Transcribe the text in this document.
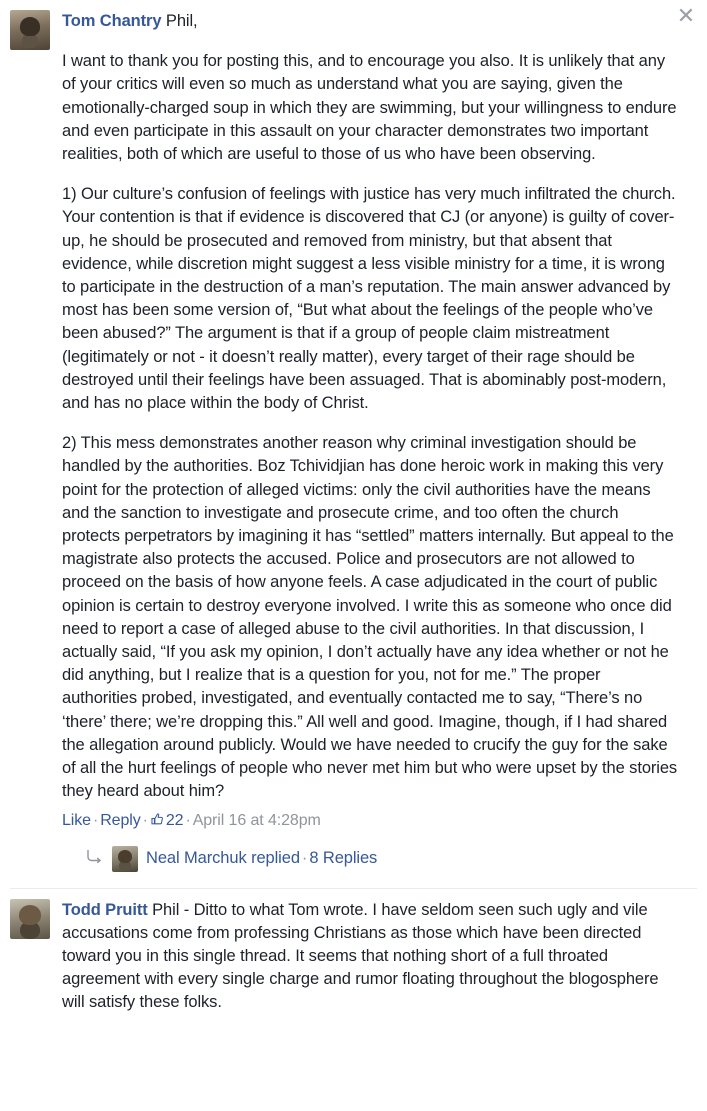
✕

Tom Chantry Phil,

I want to thank you for posting this, and to encourage you also. It is unlikely that any of your critics will even so much as understand what you are saying, given the emotionally-charged soup in which they are swimming, but your willingness to endure and even participate in this assault on your character demonstrates two important realities, both of which are useful to those of us who have been observing.

1) Our culture’s confusion of feelings with justice has very much infiltrated the church. Your contention is that if evidence is discovered that CJ (or anyone) is guilty of cover-up, he should be prosecuted and removed from ministry, but that absent that evidence, while discretion might suggest a less visible ministry for a time, it is wrong to participate in the destruction of a man’s reputation. The main answer advanced by most has been some version of, “But what about the feelings of the people who’ve been abused?” The argument is that if a group of people claim mistreatment (legitimately or not - it doesn’t really matter), every target of their rage should be destroyed until their feelings have been assuaged. That is abominably post-modern, and has no place within the body of Christ.

2) This mess demonstrates another reason why criminal investigation should be handled by the authorities. Boz Tchividjian has done heroic work in making this very point for the protection of alleged victims: only the civil authorities have the means and the sanction to investigate and prosecute crime, and too often the church protects perpetrators by imagining it has “settled” matters internally. But appeal to the magistrate also protects the accused. Police and prosecutors are not allowed to proceed on the basis of how anyone feels. A case adjudicated in the court of public opinion is certain to destroy everyone involved. I write this as someone who once did need to report a case of alleged abuse to the civil authorities. In that discussion, I actually said, “If you ask my opinion, I don’t actually have any idea whether or not he did anything, but I realize that is a question for you, not for me.” The proper authorities probed, investigated, and eventually contacted me to say, “There’s no ‘there’ there; we’re dropping this.” All well and good. Imagine, though, if I had shared the allegation around publicly. Would we have needed to crucify the guy for the sake of all the hurt feelings of people who never met him but who were upset by the stories they heard about him?

Like · Reply · 22 · April 16 at 4:28pm
Neal Marchuk replied · 8 Replies

Todd Pruitt Phil - Ditto to what Tom wrote. I have seldom seen such ugly and vile accusations come from professing Christians as those which have been directed toward you in this single thread. It seems that nothing short of a full throated agreement with every single charge and rumor floating throughout the blogosphere will satisfy these folks.
